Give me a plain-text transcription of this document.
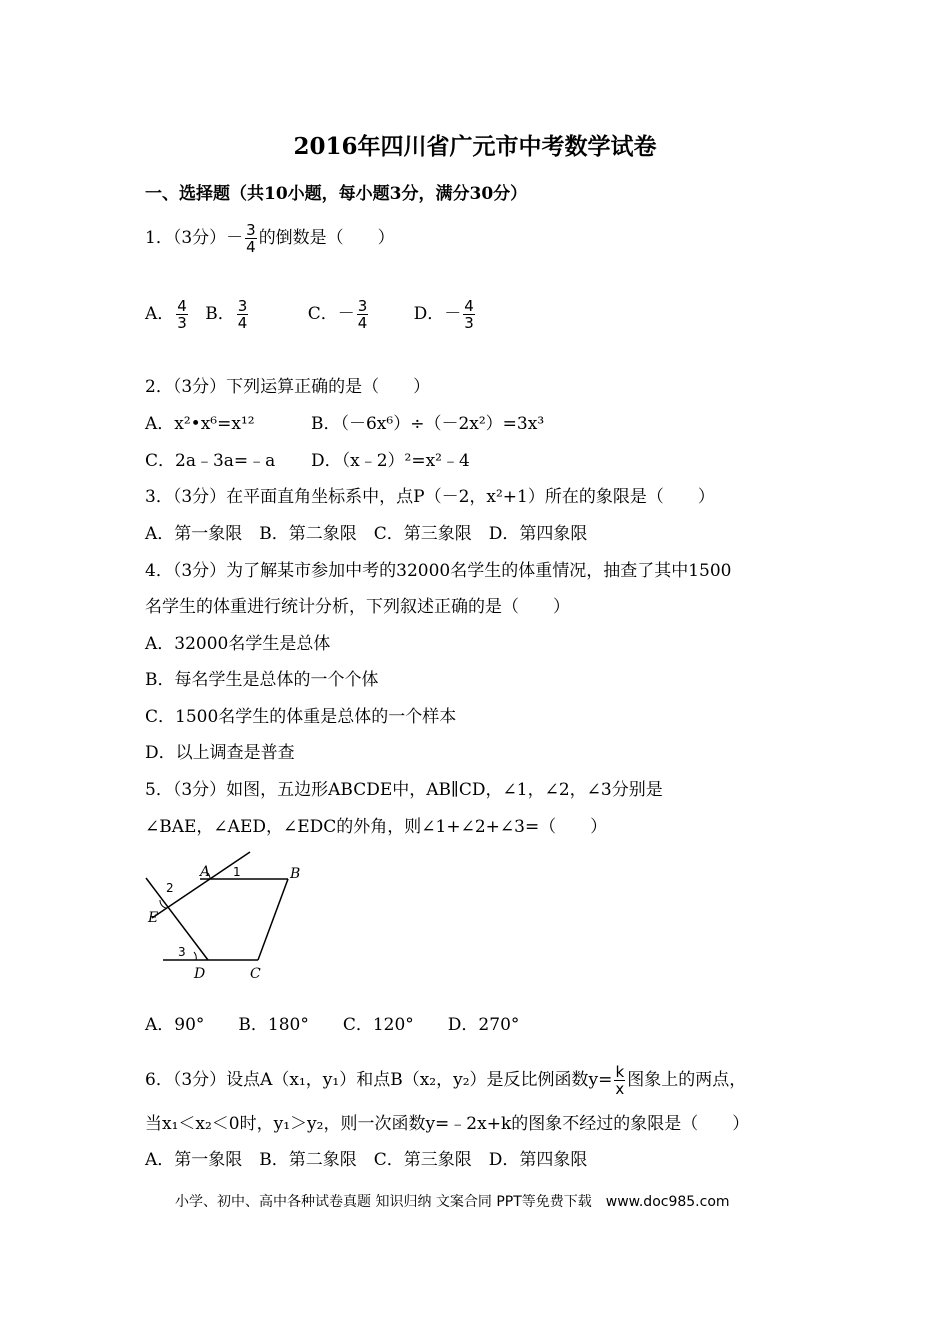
2016年四川省广元市中考数学试卷
一、选择题（共10小题，每小题3分，满分30分）
1．（3分）－ $\frac{3}{4}$ 的倒数是（　　）
A． $\frac{4}{3}$ B． $\frac{3}{4}$	C．－ $\frac{3}{4}$	D．－ $\frac{4}{3}$
2．（3分）下列运算正确的是（　　）
A．x²•x⁶=x¹²	B．（－6x⁶）÷（－2x²）=3x³
C．2a﹣3a=﹣a D．（x﹣2）²=x²﹣4
3．（3分）在平面直角坐标系中，点P（－2，x²+1）所在的象限是（　　）
A．第一象限　B．第二象限　C．第三象限　D．第四象限
4．（3分）为了解某市参加中考的32000名学生的体重情况，抽查了其中1500
名学生的体重进行统计分析，下列叙述正确的是（　　）
A．32000名学生是总体
B．每名学生是总体的一个个体
C．1500名学生的体重是总体的一个样本
D．以上调查是普查
5．（3分）如图，五边形ABCDE中，AB∥CD，∠1，∠2，∠3分别是
∠BAE，∠AED，∠EDC的外角，则∠1+∠2+∠3=（　　）
A	B
C
D
E
1
2
3
A．90°　　B．180°　　C．120°　　D．270°
6．（3分）设点A（x₁，y₁）和点B（x₂，y₂）是反比例函数$y= \frac{k}{x}$ 图象上的两点，
当x₁＜x₂＜0时，y₁＞y₂，则一次函数y=﹣2x+k的图象不经过的象限是（　　）
A．第一象限　B．第二象限　C．第三象限　D．第四象限
小学、初中、高中各种试卷真题 知识归纳 文案合同 PPT等免费下载　www.doc985.com
